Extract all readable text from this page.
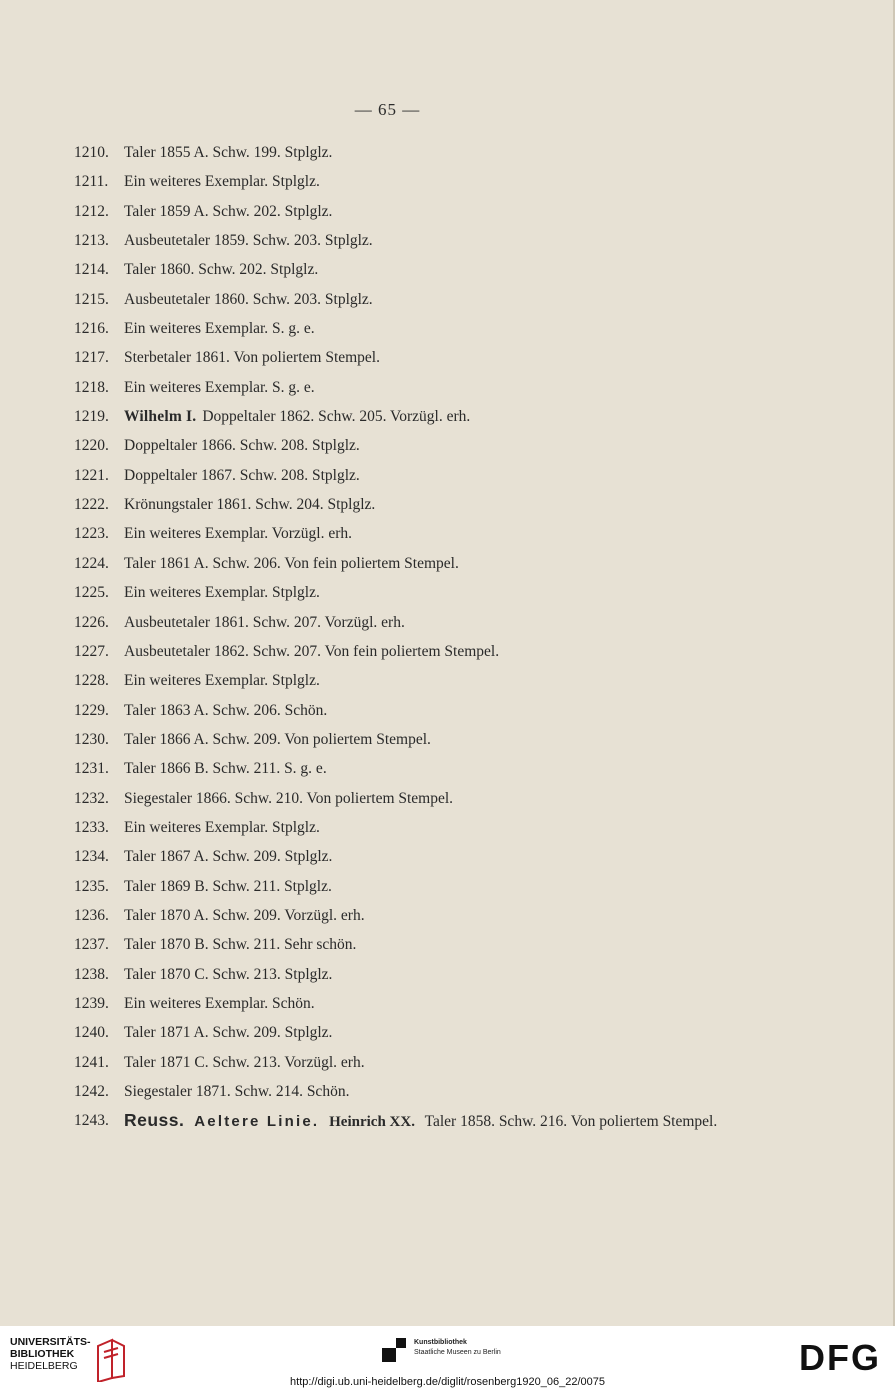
— 65 —
1210. Taler 1855 A. Schw. 199. Stplglz.
1211.	Ein weiteres Exemplar. Stplglz.
1212. Taler 1859 A. Schw. 202. Stplglz.
1213. Ausbeutetaler 1859. Schw. 203. Stplglz.
1214. Taler 1860. Schw. 202. Stplglz.
1215. Ausbeutetaler 1860. Schw. 203. Stplglz.
1216. Ein weiteres Exemplar. S. g. e.
1217. Sterbetaler 1861. Von poliertem Stempel.
1218. Ein weiteres Exemplar. S. g. e.
1219. Wilhelm I. Doppeltaler 1862. Schw. 205. Vorzügl. erh.
1220. Doppeltaler 1866. Schw. 208. Stplglz.
1221. Doppeltaler 1867. Schw. 208. Stplglz.
1222. Krönungstaler 1861. Schw. 204. Stplglz.
1223. Ein weiteres Exemplar. Vorzügl. erh.
1224. Taler 1861 A. Schw. 206. Von fein poliertem Stempel.
1225. Ein weiteres Exemplar. Stplglz.
1226. Ausbeutetaler 1861. Schw. 207. Vorzügl. erh.
1227. Ausbeutetaler 1862. Schw. 207. Von fein poliertem Stempel.
1228. Ein weiteres Exemplar. Stplglz.
1229. Taler 1863 A. Schw. 206. Schön.
1230. Taler 1866 A. Schw. 209. Von poliertem Stempel.
1231. Taler 1866 B. Schw. 211. S. g. e.
1232. Siegestaler 1866. Schw. 210. Von poliertem Stempel.
1233. Ein weiteres Exemplar. Stplglz.
1234. Taler 1867 A. Schw. 209. Stplglz.
1235. Taler 1869 B. Schw. 211. Stplglz.
1236. Taler 1870 A. Schw. 209. Vorzügl. erh.
1237. Taler 1870 B. Schw. 211. Sehr schön.
1238. Taler 1870 C. Schw. 213. Stplglz.
1239. Ein weiteres Exemplar. Schön.
1240. Taler 1871 A. Schw. 209. Stplglz.
1241. Taler 1871 C. Schw. 213. Vorzügl. erh.
1242. Siegestaler 1871. Schw. 214. Schön.
1243. Reuss. Aeltere Linie. Heinrich XX. Taler 1858. Schw. 216. Von poliertem Stempel.
UNIVERSITÄTS-
BIBLIOTHEK
HEIDELBERG
Kunstbibliothek
Staatliche Museen zu Berlin	DFG
http://digi.ub.uni-heidelberg.de/diglit/rosenberg1920_06_22/0075
